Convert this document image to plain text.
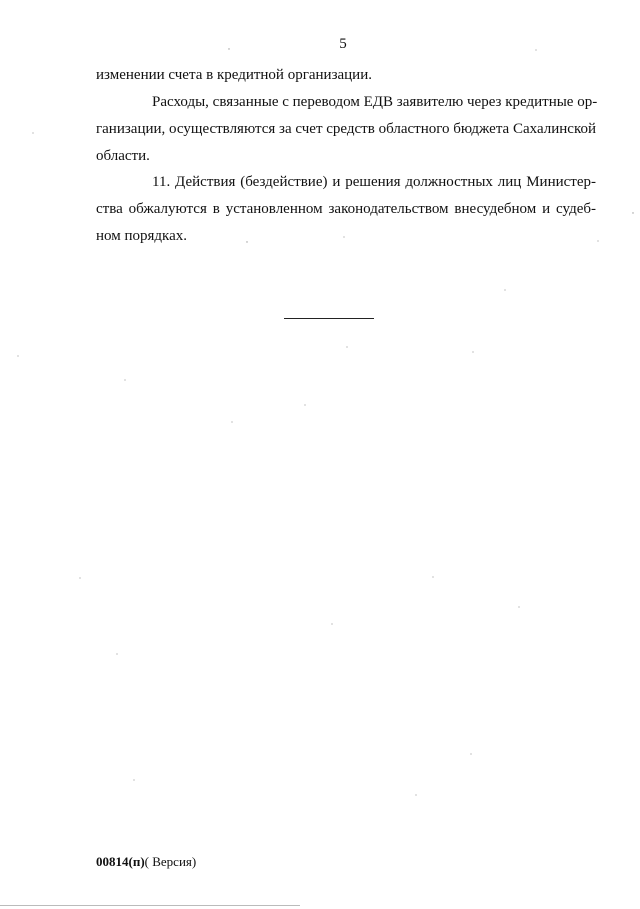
5
изменении счета в кредитной организации.
Расходы, связанные с переводом ЕДВ заявителю через кредитные ор-
ганизации, осуществляются за счет средств областного бюджета Сахалинской
области.
11. Действия (бездействие) и решения должностных лиц Министер-
ства обжалуются в установленном законодательством внесудебном и судеб-
ном порядках.
00814(п)( Версия)
